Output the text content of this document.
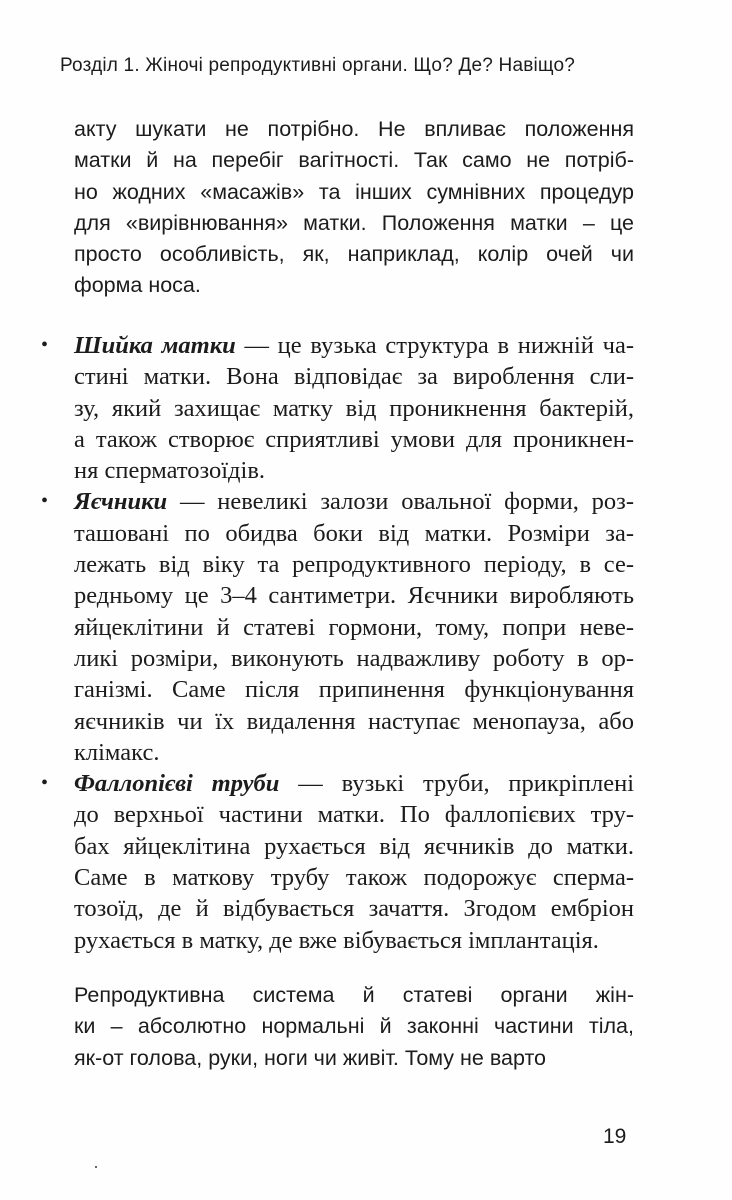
Розділ 1. Жіночі репродуктивні органи. Що? Де? Навіщо?
акту шукати не потрібно. Не впливає положення
матки й на перебіг вагітності. Так само не потріб-
но жодних «масажів» та інших сумнівних процедур
для «вирівнювання» матки. Положення матки – це
просто особливість, як, наприклад, колір очей чи
форма носа.
• Шийка матки — це вузька структура в нижній ча-
стині матки. Вона відповідає за вироблення сли-
зу, який захищає матку від проникнення бактерій,
а також створює сприятливі умови для проникнен-
ня сперматозоїдів.
• Яєчники — невеликі залози овальної форми, роз-
ташовані по обидва боки від матки. Розміри за-
лежать від віку та репродуктивного періоду, в се-
редньому це 3–4 сантиметри. Яєчники виробляють
яйцеклітини й статеві гормони, тому, попри неве-
ликі розміри, виконують надважливу роботу в ор-
ганізмі. Саме після припинення функціонування
яєчників чи їх видалення наступає менопауза, або
клімакс.
• Фаллопієві труби — вузькі труби, прикріплені
до верхньої частини матки. По фаллопієвих тру-
бах яйцеклітина рухається від яєчників до матки.
Саме в маткову трубу також подорожує сперма-
тозоїд, де й відбувається зачаття. Згодом ембріон
рухається в матку, де вже вібувається імплантація.
Репродуктивна система й статеві органи жін-
ки – абсолютно нормальні й законні частини тіла,
як-от голова, руки, ноги чи живіт. Тому не варто
19
